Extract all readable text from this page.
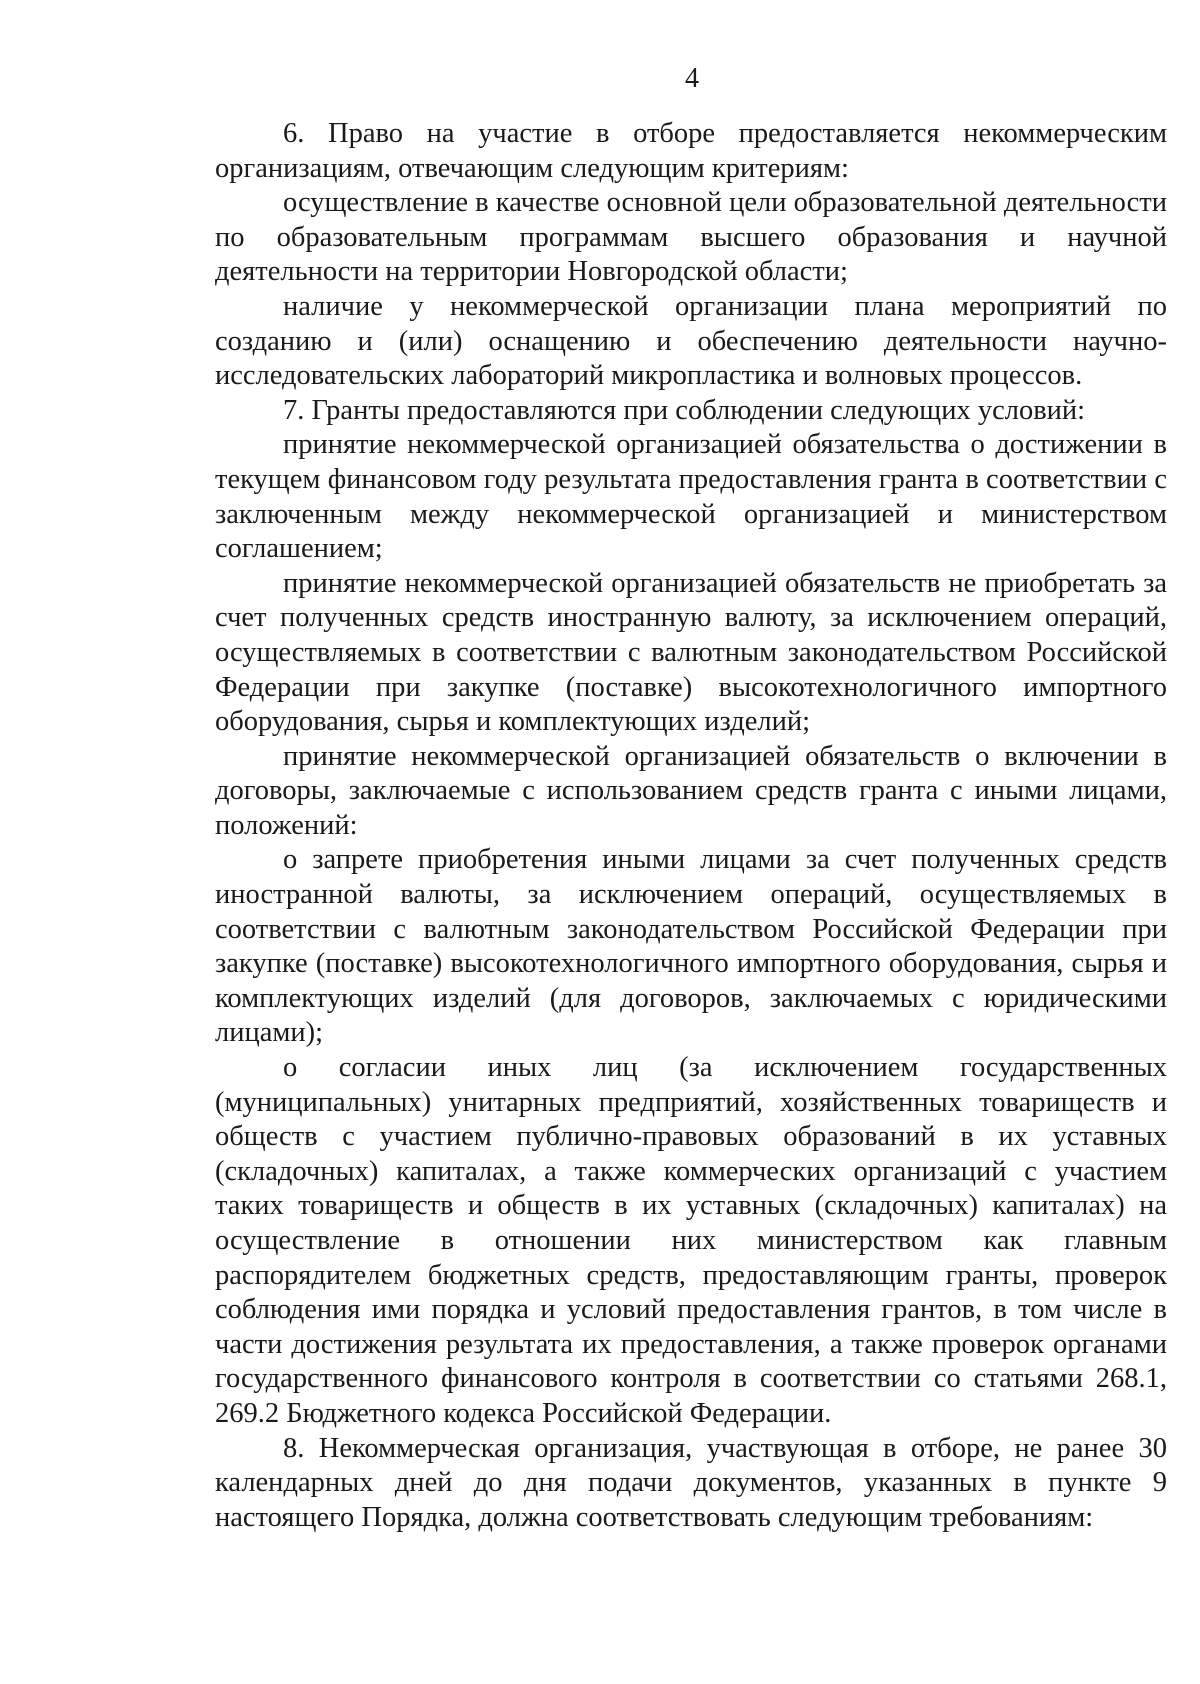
4

6. Право на участие в отборе предоставляется некоммерческим организациям, отвечающим следующим критериям:

осуществление в качестве основной цели образовательной деятельности по образовательным программам высшего образования и научной деятельности на территории Новгородской области;

наличие у некоммерческой организации плана мероприятий по созданию и (или) оснащению и обеспечению деятельности научно-исследовательских лабораторий микропластика и волновых процессов.

7. Гранты предоставляются при соблюдении следующих условий:

принятие некоммерческой организацией обязательства о достижении в текущем финансовом году результата предоставления гранта в соответствии с заключенным между некоммерческой организацией и министерством соглашением;

принятие некоммерческой организацией обязательств не приобретать за счет полученных средств иностранную валюту, за исключением операций, осуществляемых в соответствии с валютным законодательством Российской Федерации при закупке (поставке) высокотехнологичного импортного оборудования, сырья и комплектующих изделий;

принятие некоммерческой организацией обязательств о включении в договоры, заключаемые с использованием средств гранта с иными лицами, положений:

о запрете приобретения иными лицами за счет полученных средств иностранной валюты, за исключением операций, осуществляемых в соответствии с валютным законодательством Российской Федерации при закупке (поставке) высокотехнологичного импортного оборудования, сырья и комплектующих изделий (для договоров, заключаемых с юридическими лицами);

о согласии иных лиц (за исключением государственных (муниципальных) унитарных предприятий, хозяйственных товариществ и обществ с участием публично-правовых образований в их уставных (складочных) капиталах, а также коммерческих организаций с участием таких товариществ и обществ в их уставных (складочных) капиталах) на осуществление в отношении них министерством как главным распорядителем бюджетных средств, предоставляющим гранты, проверок соблюдения ими порядка и условий предоставления грантов, в том числе в части достижения результата их предоставления, а также проверок органами государственного финансового контроля в соответствии со статьями 268.1, 269.2 Бюджетного кодекса Российской Федерации.

8. Некоммерческая организация, участвующая в отборе, не ранее 30 календарных дней до дня подачи документов, указанных в пункте 9 настоящего Порядка, должна соответствовать следующим требованиям:
